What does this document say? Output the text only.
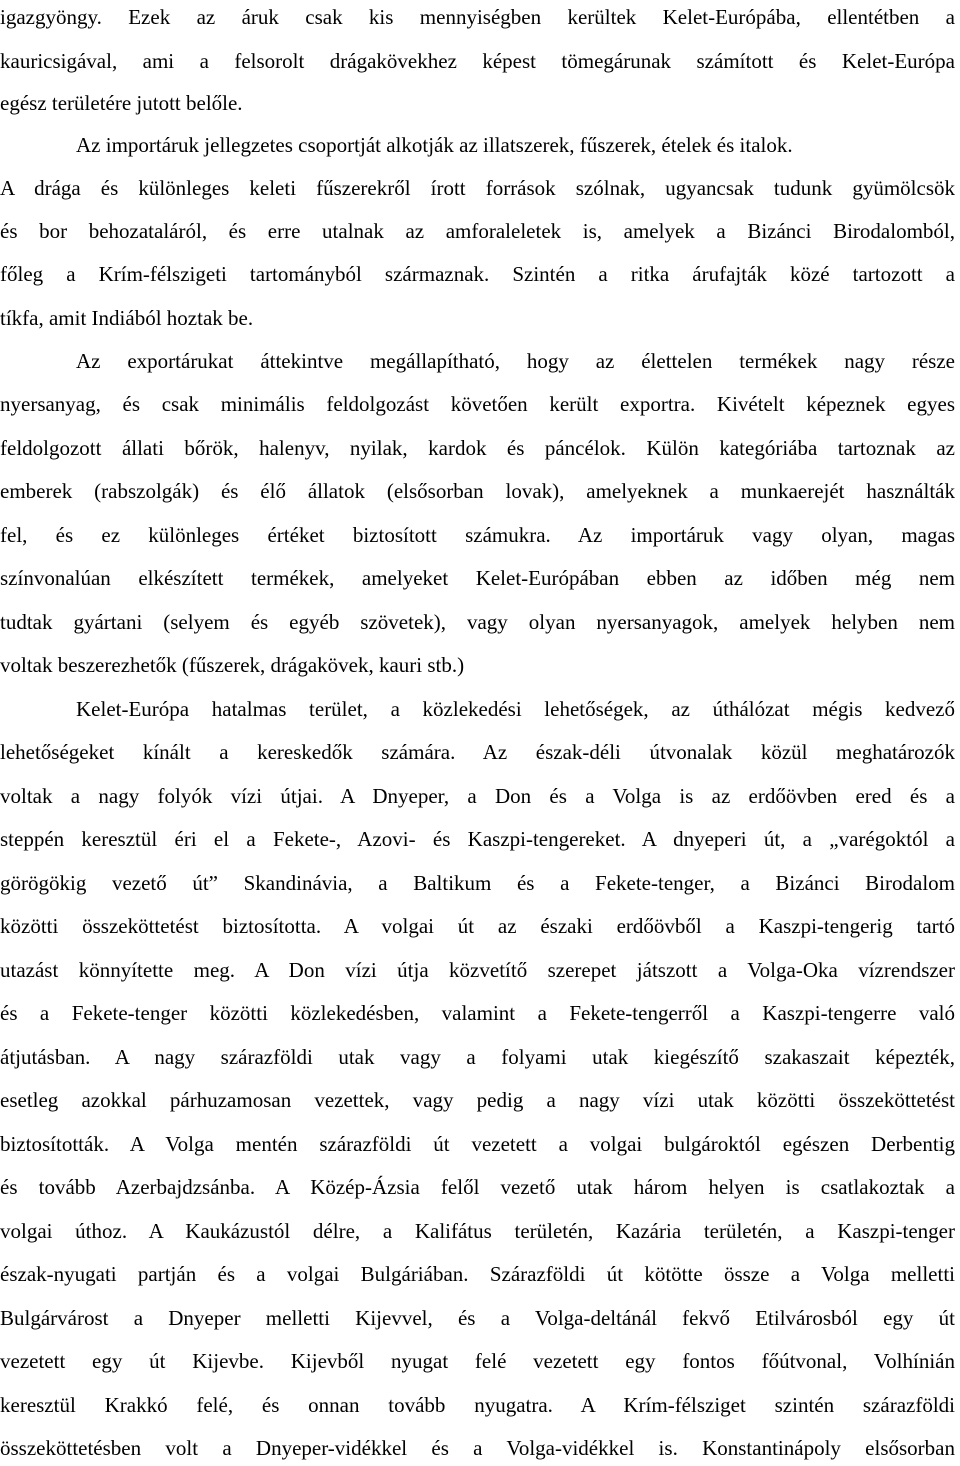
igazgyöngy. Ezek az áruk csak kis mennyiségben kerültek Kelet-Európába, ellentétben a
kauricsigával, ami a felsorolt drágakövekhez képest tömegárunak számított és Kelet-Európa
egész területére jutott belőle.
Az importáruk jellegzetes csoportját alkotják az illatszerek, fűszerek, ételek és italok.
A drága és különleges keleti fűszerekről írott források szólnak, ugyancsak tudunk gyümölcsök
és bor behozataláról, és erre utalnak az amforaleletek is, amelyek a Bizánci Birodalomból,
főleg a Krím-félszigeti tartományból származnak. Szintén a ritka árufajták közé tartozott a
tíkfa, amit Indiából hoztak be.
Az exportárukat áttekintve megállapítható, hogy az élettelen termékek nagy része
nyersanyag, és csak minimális feldolgozást követően került exportra. Kivételt képeznek egyes
feldolgozott állati bőrök, halenyv, nyilak, kardok és páncélok. Külön kategóriába tartoznak az
emberek (rabszolgák) és élő állatok (elsősorban lovak), amelyeknek a munkaerejét használták
fel, és ez különleges értéket biztosított számukra. Az importáruk vagy olyan, magas
színvonalúan elkészített termékek, amelyeket Kelet-Európában ebben az időben még nem
tudtak gyártani (selyem és egyéb szövetek), vagy olyan nyersanyagok, amelyek helyben nem
voltak beszerezhetők (fűszerek, drágakövek, kauri stb.)
Kelet-Európa hatalmas terület, a közlekedési lehetőségek, az úthálózat mégis kedvező
lehetőségeket kínált a kereskedők számára. Az észak-déli útvonalak közül meghatározók
voltak a nagy folyók vízi útjai. A Dnyeper, a Don és a Volga is az erdőövben ered és a
steppén keresztül éri el a Fekete-, Azovi- és Kaszpi-tengereket. A dnyeperi út, a „varégoktól a
görögökig vezető út” Skandinávia, a Baltikum és a Fekete-tenger, a Bizánci Birodalom
közötti összeköttetést biztosította. A volgai út az északi erdőövből a Kaszpi-tengerig tartó
utazást könnyítette meg. A Don vízi útja közvetítő szerepet játszott a Volga-Oka vízrendszer
és a Fekete-tenger közötti közlekedésben, valamint a Fekete-tengerről a Kaszpi-tengerre való
átjutásban. A nagy szárazföldi utak vagy a folyami utak kiegészítő szakaszait képezték,
esetleg azokkal párhuzamosan vezettek, vagy pedig a nagy vízi utak közötti összeköttetést
biztosították. A Volga mentén szárazföldi út vezetett a volgai bulgároktól egészen Derbentig
és tovább Azerbajdzsánba. A Közép-Ázsia felől vezető utak három helyen is csatlakoztak a
volgai úthoz. A Kaukázustól délre, a Kalifátus területén, Kazária területén, a Kaszpi-tenger
észak-nyugati partján és a volgai Bulgáriában. Szárazföldi út kötötte össze a Volga melletti
Bulgárvárost a Dnyeper melletti Kijevvel, és a Volga-deltánál fekvő Etilvárosból egy út
vezetett egy út Kijevbe. Kijevből nyugat felé vezetett egy fontos főútvonal, Volhínián
keresztül Krakkó felé, és onnan tovább nyugatra. A Krím-félsziget szintén szárazföldi
összeköttetésben volt a Dnyeper-vidékkel és a Volga-vidékkel is. Konstantinápoly elsősorban
